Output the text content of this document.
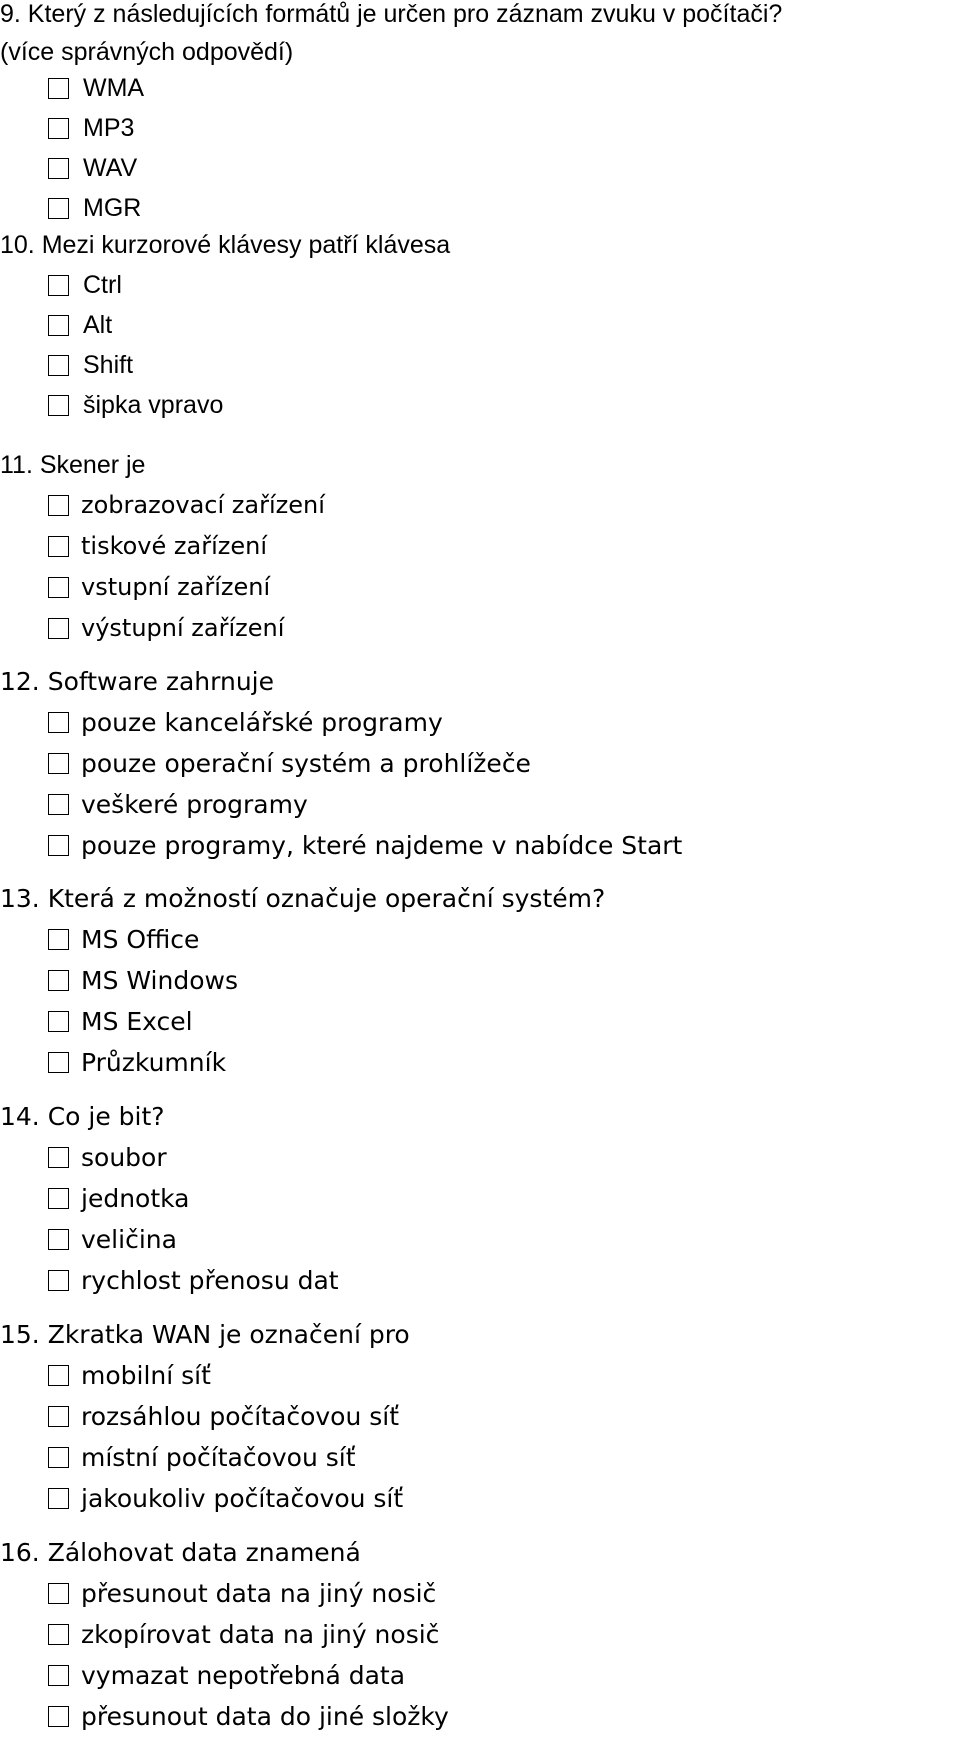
9. Který z následujících formátů je určen pro záznam zvuku v počítači?
(více správných odpovědí)
WMA
MP3
WAV
MGR
10. Mezi kurzorové klávesy patří klávesa
Ctrl
Alt
Shift
šipka vpravo
11. Skener je
zobrazovací zařízení
tiskové zařízení
vstupní zařízení
výstupní zařízení
12. Software zahrnuje
pouze kancelářské programy
pouze operační systém a prohlížeče
veškeré programy
pouze programy, které najdeme v nabídce Start
13. Která z možností označuje operační systém?
MS Office
MS Windows
MS Excel
Průzkumník
14. Co je bit?
soubor
jednotka
veličina
rychlost přenosu dat
15. Zkratka WAN je označení pro
mobilní síť
rozsáhlou počítačovou síť
místní počítačovou síť
jakoukoliv počítačovou síť
16. Zálohovat data znamená
přesunout data na jiný nosič
zkopírovat data na jiný nosič
vymazat nepotřebná data
přesunout data do jiné složky
